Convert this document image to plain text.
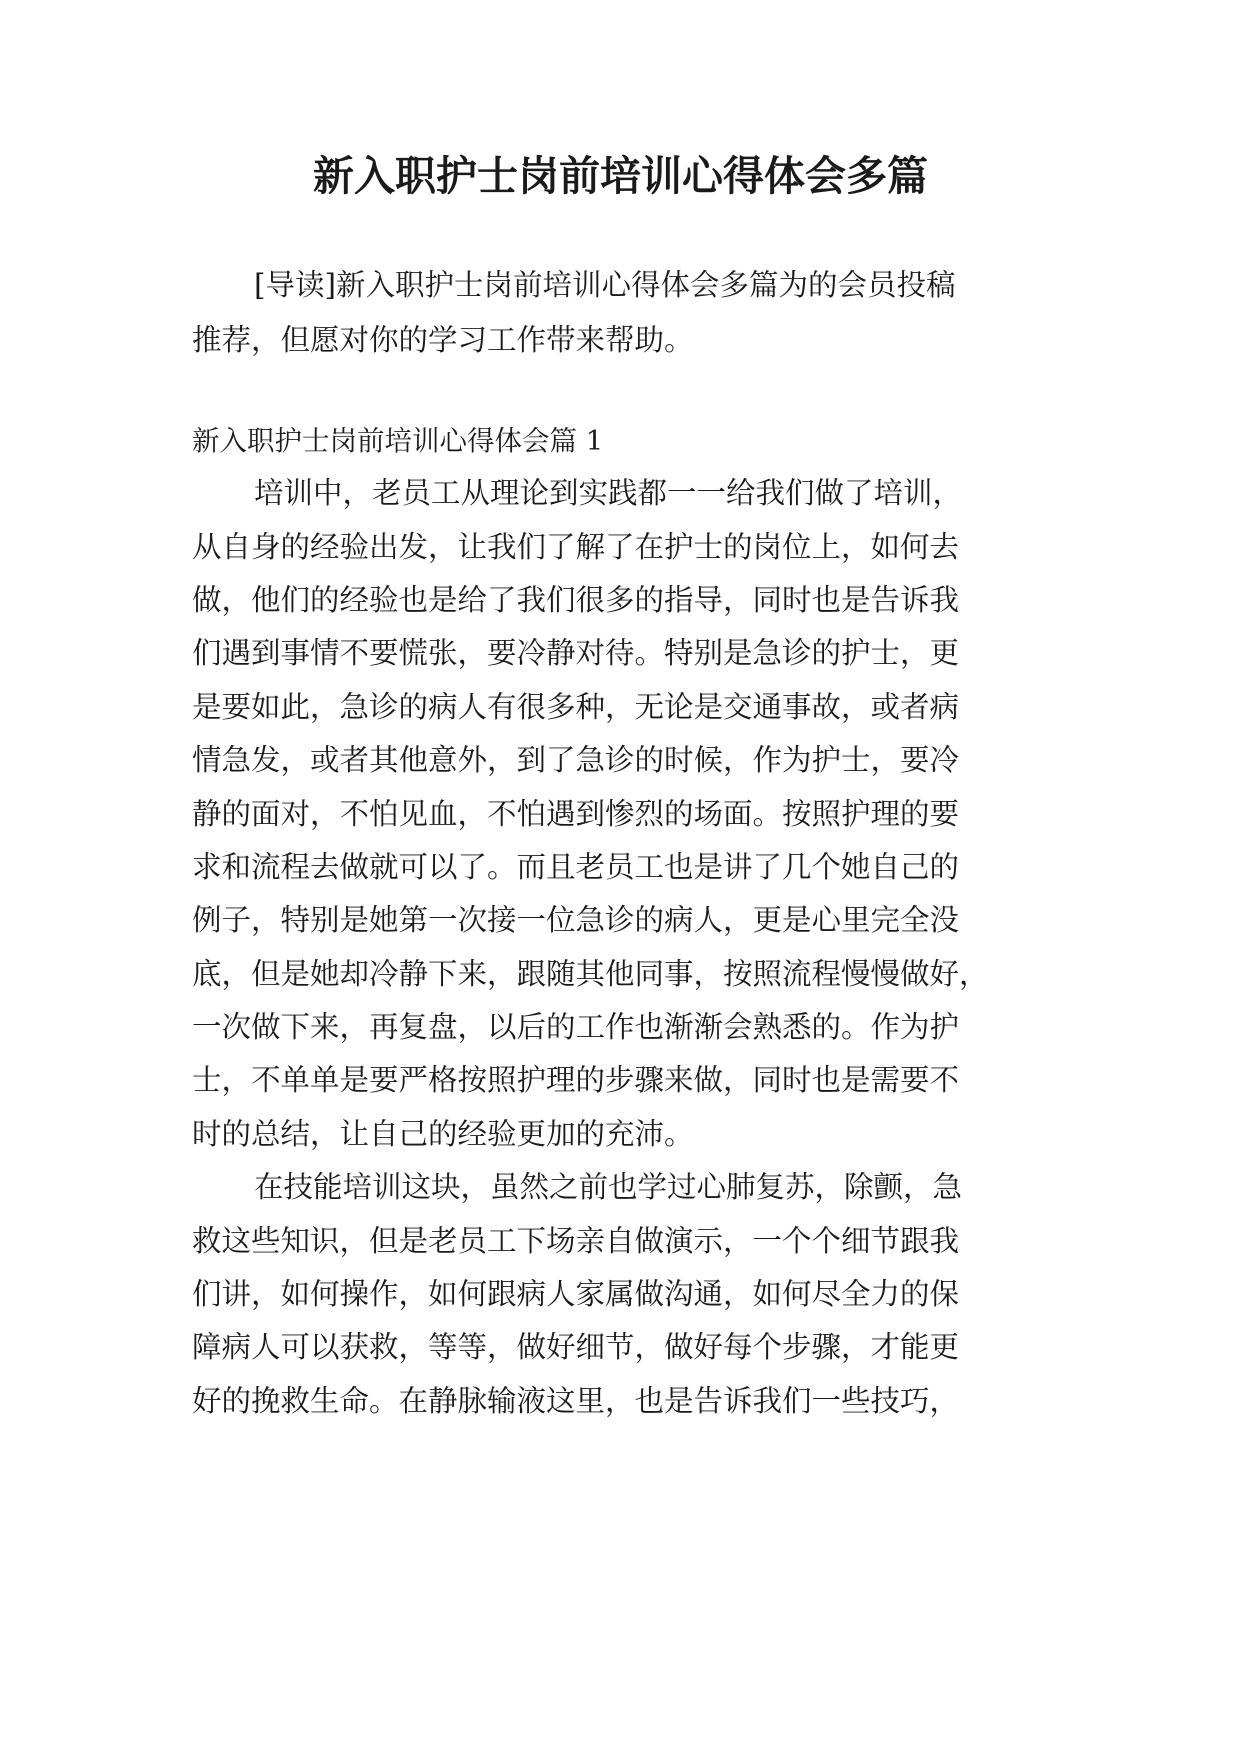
新入职护士岗前培训心得体会多篇

[导读]新入职护士岗前培训心得体会多篇为的会员投稿

推荐，但愿对你的学习工作带来帮助。

新入职护士岗前培训心得体会篇 1

培训中，老员工从理论到实践都一一给我们做了培训，

从自身的经验出发，让我们了解了在护士的岗位上，如何去

做，他们的经验也是给了我们很多的指导，同时也是告诉我

们遇到事情不要慌张，要冷静对待。特别是急诊的护士，更

是要如此，急诊的病人有很多种，无论是交通事故，或者病

情急发，或者其他意外，到了急诊的时候，作为护士，要冷

静的面对，不怕见血，不怕遇到惨烈的场面。按照护理的要

求和流程去做就可以了。而且老员工也是讲了几个她自己的

例子，特别是她第一次接一位急诊的病人，更是心里完全没

底，但是她却冷静下来，跟随其他同事，按照流程慢慢做好，

一次做下来，再复盘，以后的工作也渐渐会熟悉的。作为护

士，不单单是要严格按照护理的步骤来做，同时也是需要不

时的总结，让自己的经验更加的充沛。

在技能培训这块，虽然之前也学过心肺复苏，除颤，急

救这些知识，但是老员工下场亲自做演示，一个个细节跟我

们讲，如何操作，如何跟病人家属做沟通，如何尽全力的保

障病人可以获救，等等，做好细节，做好每个步骤，才能更

好的挽救生命。在静脉输液这里，也是告诉我们一些技巧，
